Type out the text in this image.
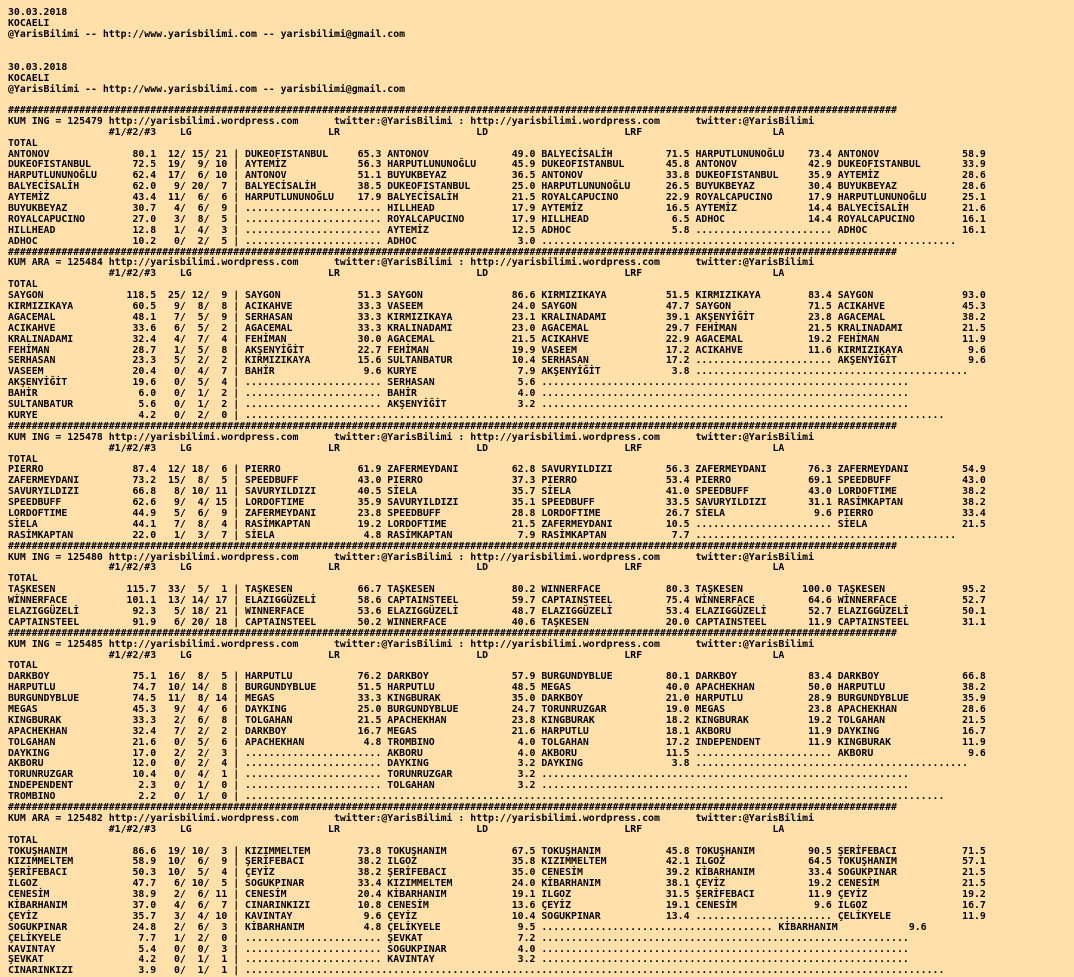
30.03.2018
KOCAELI
@YarisBilimi -- http://www.yarisbilimi.com -- yarisbilimi@gmail.com
30.03.2018
KOCAELI
@YarisBilimi -- http://www.yarisbilimi.com -- yarisbilimi@gmail.com
######################################################################################################################################################
KUM ING = 125479 http://yarisbilimi.wordpress.com      twitter:@YarisBilimi : http://yarisbilimi.wordpress.com      twitter:@YarisBilimi
#1/#2/#3    LG                       LR                       LD                       LRF                      LA
TOTAL
ANTONOV              80.1  12/ 15/ 21 | DUKEOFISTANBUL     65.3 ANTONOV              49.0 BALYECİSALİH         71.5 HARPUTLUNUNOĞLU    73.4 ANTONOV              58.9
DUKEOFISTANBUL       72.5  19/  9/ 10 | AYTEMİZ            56.3 HARPUTLUNUNOĞLU      45.9 DUKEOFISTANBUL       45.8 ANTONOV            42.9 DUKEOFISTANBUL       33.9
HARPUTLUNUNOĞLU      62.4  17/  6/ 10 | ANTONOV            51.1 BUYUKBEYAZ           36.5 ANTONOV              33.8 DUKEOFISTANBUL     35.9 AYTEMİZ              28.6
BALYECİSALİH         62.0   9/ 20/  7 | BALYECİSALİH       38.5 DUKEOFISTANBUL       25.0 HARPUTLUNUNOĞLU      26.5 BUYUKBEYAZ         30.4 BUYUKBEYAZ           28.6
AYTEMİZ              43.4  11/  6/  6 | HARPUTLUNUNOĞLU    17.9 BALYECİSALİH         21.5 ROYALCAPUCINO        22.9 ROYALCAPUCINO      17.9 HARPUTLUNUNOĞLU      25.1
BUYUKBEYAZ           30.7   4/  6/  9 | ....................... HILLHEAD             17.9 AYTEMİZ              16.5 AYTEMİZ            14.4 BALYECİSALİH         21.6
ROYALCAPUCINO        27.0   3/  8/  5 | ....................... ROYALCAPUCINO        17.9 HILLHEAD              6.5 ADHOC              14.4 ROYALCAPUCINO        16.1
HILLHEAD             12.8   1/  4/  3 | ....................... AYTEMİZ              12.5 ADHOC                 5.8 ....................... ADHOC                16.1
ADHOC                10.2   0/  2/  5 | ....................... ADHOC                 3.0 ......................................................................
######################################################################################################################################################
KUM ARA = 125484 http://yarisbilimi.wordpress.com      twitter:@YarisBilimi : http://yarisbilimi.wordpress.com      twitter:@YarisBilimi
#1/#2/#3    LG                       LR                       LD                       LRF                      LA
TOTAL
SAYGON              118.5  25/ 12/  9 | SAYGON             51.3 SAYGON               86.6 KIRMIZIKAYA          51.5 KIRMIZIKAYA        83.4 SAYGON               93.0
KIRMIZIKAYA          60.5   9/  8/  8 | ACIKAHVE           33.3 VASEEM               24.0 SAYGON               47.7 SAYGON             71.5 ACIKAHVE             45.3
AGACEMAL             48.1   7/  5/  9 | SERHASAN           33.3 KIRMIZIKAYA          23.1 KRALINADAMI          39.1 AKŞENYİĞİT         23.8 AGACEMAL             38.2
ACIKAHVE             33.6   6/  5/  2 | AGACEMAL           33.3 KRALINADAMI          23.0 AGACEMAL             29.7 FEHİMAN            21.5 KRALINADAMI          21.5
KRALINADAMI          32.4   4/  7/  4 | FEHİMAN            30.0 AGACEMAL             21.5 ACIKAHVE             22.9 AGACEMAL           19.2 FEHİMAN              11.9
FEHİMAN              28.7   1/  5/  8 | AKŞENYİĞİT         22.7 FEHİMAN              19.9 VASEEM               17.2 ACIKAHVE           11.6 KIRMIZIKAYA           9.6
SERHASAN             23.3   5/  2/  2 | KIRMIZIKAYA        15.6 SULTANBATUR          10.4 SERHASAN             17.2 ....................... AKŞENYİĞİT            9.6
VASEEM               20.4   0/  4/  7 | BAHİR               9.6 KURYE                 7.9 AKŞENYİĞİT            3.8 ..............................................
AKŞENYİĞİT           19.6   0/  5/  4 | ....................... SERHASAN              5.6 ..............................................................
BAHİR                 6.0   0/  1/  2 | ....................... BAHİR                 4.0 ..............................................................
SULTANBATUR           5.6   0/  1/  2 | ....................... AKŞENYİĞİT            3.2 ..............................................................
KURYE                 4.2   0/  2/  0 | ......................................................................................................................
######################################################################################################################################################
KUM ING = 125478 http://yarisbilimi.wordpress.com      twitter:@YarisBilimi : http://yarisbilimi.wordpress.com      twitter:@YarisBilimi
#1/#2/#3    LG                       LR                       LD                       LRF                      LA
TOTAL
PIERRO               87.4  12/ 18/  6 | PIERRO             61.9 ZAFERMEYDANI         62.8 SAVURYILDIZI         56.3 ZAFERMEYDANI       76.3 ZAFERMEYDANI         54.9
ZAFERMEYDANI         73.2  15/  8/  5 | SPEEDBUFF          43.0 PIERRO               37.3 PIERRO               53.4 PIERRO             69.1 SPEEDBUFF            43.0
SAVURYILDIZI         66.8   8/ 10/ 11 | SAVURYILDIZI       40.5 SİELA                35.7 SİELA                41.0 SPEEDBUFF          43.0 LORDOFTIME           38.2
SPEEDBUFF            62.6   9/  4/ 15 | LORDOFTIME         35.9 SAVURYILDIZI         35.1 SPEEDBUFF            33.5 SAVURYILDIZI       31.1 RASİMKAPTAN          38.2
LORDOFTIME           44.9   5/  6/  9 | ZAFERMEYDANI       23.8 SPEEDBUFF            28.8 LORDOFTIME           26.7 SİELA               9.6 PIERRO               33.4
SİELA                44.1   7/  8/  4 | RASİMKAPTAN        19.2 LORDOFTIME           21.5 ZAFERMEYDANI         10.5 ....................... SİELA                21.5
RASİMKAPTAN          22.0   1/  3/  7 | SİELA               4.8 RASİMKAPTAN           7.9 RASİMKAPTAN           7.7 ............................................
######################################################################################################################################################
KUM ING = 125480 http://yarisbilimi.wordpress.com      twitter:@YarisBilimi : http://yarisbilimi.wordpress.com      twitter:@YarisBilimi
#1/#2/#3    LG                       LR                       LD                       LRF                      LA
TOTAL
TAŞKESEN            115.7  33/  5/  1 | TAŞKESEN           66.7 TAŞKESEN             80.2 WINNERFACE           80.3 TAŞKESEN          100.0 TAŞKESEN             95.2
WİNNERFACE          101.1  13/ 14/ 17 | ELAZIGGÜZELİ       58.6 CAPTAINSTEEL         59.7 CAPTAINSTEEL         75.4 WİNNERFACE         64.6 WİNNERFACE           52.7
ELAZIGGÜZELİ         92.3   5/ 18/ 21 | WINNERFACE         53.6 ELAZIGGÜZELİ         48.7 ELAZIGGÜZELİ         53.4 ELAZIGGÜZELİ       52.7 ELAZIGGÜZELİ         50.1
CAPTAINSTEEL         91.9   6/ 20/ 18 | CAPTAINSTEEL       50.2 WINNERFACE           40.6 TAŞKESEN             20.0 CAPTAINSTEEL       11.9 CAPTAINSTEEL         31.1
######################################################################################################################################################
KUM ING = 125485 http://yarisbilimi.wordpress.com      twitter:@YarisBilimi : http://yarisbilimi.wordpress.com      twitter:@YarisBilimi
#1/#2/#3    LG                       LR                       LD                       LRF                      LA
TOTAL
DARKBOY              75.1  16/  8/  5 | HARPUTLU           76.2 DARKBOY              57.9 BURGUNDYBLUE         80.1 DARKBOY            83.4 DARKBOY              66.8
HARPUTLU             74.7  10/ 14/  8 | BURGUNDYBLUE       51.5 HARPUTLU             48.5 MEGAS                40.0 APACHEKHAN         50.0 HARPUTLU             38.2
BURGUNDYBLUE         74.5  11/  8/ 14 | MEGAS              33.3 KINGBURAK            35.0 DARKBOY              21.0 HARPUTLU           28.9 BURGUNDYBLUE         35.9
MEGAS                45.3   9/  4/  6 | DAYKING            25.0 BURGUNDYBLUE         24.7 TORUNRUZGAR          19.0 MEGAS              23.8 APACHEKHAN           28.6
KINGBURAK            33.3   2/  6/  8 | TOLGAHAN           21.5 APACHEKHAN           23.8 KINGBURAK            18.2 KINGBURAK          19.2 TOLGAHAN             21.5
APACHEKHAN           32.4   7/  2/  2 | DARKBOY            16.7 MEGAS                21.6 HARPUTLU             18.1 AKBORU             11.9 DAYKING              16.7
TOLGAHAN             21.6   0/  5/  6 | APACHEKHAN          4.8 TROMBINO              4.0 TOLGAHAN             17.2 INDEPENDENT        11.9 KINGBURAK            11.9
DAYKING              17.0   2/  2/  3 | ....................... AKBORU                4.0 AKBORU               11.5 ....................... AKBORU                9.6
AKBORU               12.0   0/  2/  4 | ....................... DAYKING               3.2 DAYKING               3.8 ..............................................
TORUNRUZGAR          10.4   0/  4/  1 | ....................... TORUNRUZGAR           3.2 ..............................................................
INDEPENDENT           2.3   0/  1/  0 | ....................... TOLGAHAN              3.2 ..............................................................
TROMBINO              2.2   0/  1/  0 | ......................................................................................................................
######################################################################################################################################################
KUM ARA = 125482 http://yarisbilimi.wordpress.com      twitter:@YarisBilimi : http://yarisbilimi.wordpress.com      twitter:@YarisBilimi
#1/#2/#3    LG                       LR                       LD                       LRF                      LA
TOTAL
TOKUŞHANIM           86.6  19/ 10/  3 | KIZIMMELTEM        73.8 TOKUŞHANIM           67.5 TOKUŞHANIM           45.8 TOKUŞHANIM         90.5 ŞERİFEBACI           71.5
KIZIMMELTEM          58.9  10/  6/  9 | ŞERİFEBACI         38.2 ILGOZ                35.8 KIZIMMELTEM          42.1 ILGOZ              64.5 TOKUŞHANIM           57.1
ŞERİFEBACI           50.3  10/  5/  4 | ÇEYİZ              38.2 ŞERİFEBACI           35.0 CENESİM              39.2 KİBARHANIM         33.4 SOGUKPINAR           21.5
ILGOZ                47.7   6/ 10/  5 | SOGUKPINAR         33.4 KIZIMMELTEM          24.0 KİBARHANIM           38.1 ÇEYİZ              19.2 CENESİM              21.5
CENESİM              38.9   2/  6/ 11 | CENESİM            20.4 KİBARHANIM           19.1 ILGOZ                31.5 ŞERİFEBACI         11.9 ÇEYİZ                19.2
KİBARHANIM           37.0   4/  6/  7 | CINARINKIZI        10.8 CENESİM              13.6 ÇEYİZ                19.1 CENESİM             9.6 ILGOZ                16.7
ÇEYİZ                35.7   3/  4/ 10 | KAVINTAY            9.6 ÇEYİZ                10.4 SOGUKPINAR           13.4 ....................... ÇELİKYELE            11.9
SOGUKPINAR           24.8   2/  6/  3 | KİBARHANIM          4.8 ÇELİKYELE             9.5 ....................................... KİBARHANIM            9.6
ÇELİKYELE             7.7   1/  2/  0 | ....................... ŞEVKAT                7.2 ..............................................................
KAVINTAY              5.4   0/  0/  3 | ....................... SOGUKPINAR            4.0 ..............................................................
ŞEVKAT                4.2   0/  1/  1 | ....................... KAVINTAY              3.2 ..............................................................
CINARINKIZI           3.9   0/  1/  1 | ......................................................................................................................
